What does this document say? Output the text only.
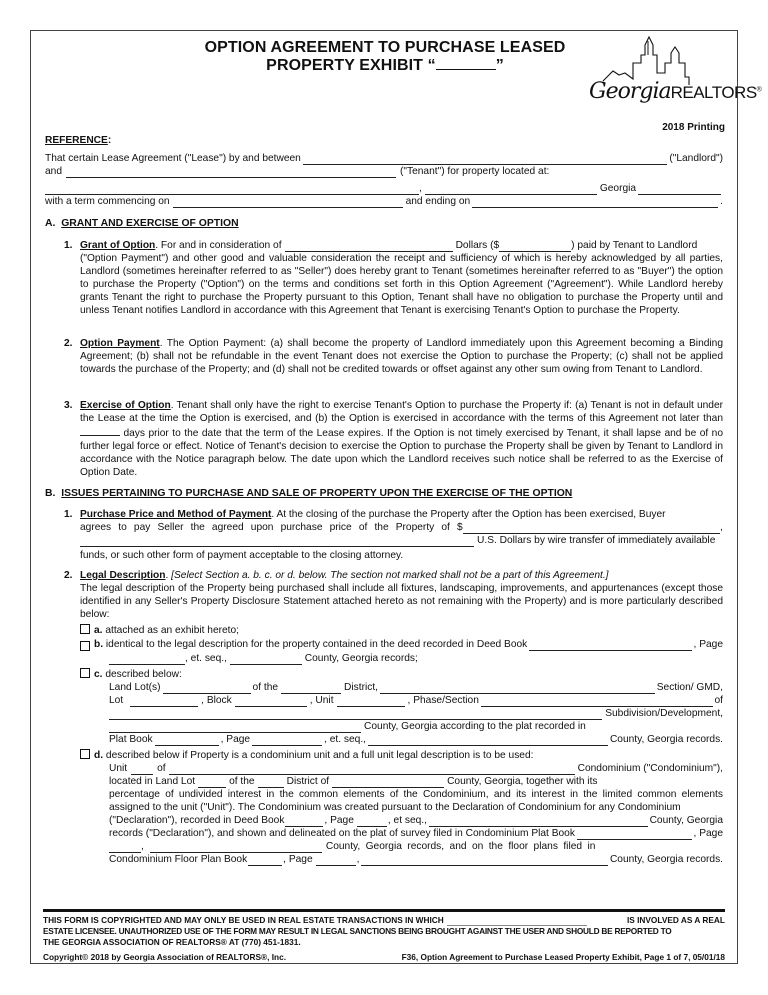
OPTION AGREEMENT TO PURCHASE LEASED
PROPERTY EXHIBIT “	”
GeorgiaREALTORS®
2018 Printing
REFERENCE:
That certain Lease Agreement ("Lease") by and between	("Landlord")
and	("Tenant") for property located at:
,	Georgia
with a term commencing on	and ending on	.
A. GRANT AND EXERCISE OF OPTION
1. Grant of Option . For and in consideration of	Dollars ($	) paid by Tenant to Landlord
("Option Payment") and other good and valuable consideration the receipt and sufficiency of which is hereby acknowledged by all parties, Landlord (sometimes hereinafter referred to as "Seller") does hereby grant to Tenant (sometimes hereinafter referred to as "Buyer") the option to purchase the Property ("Option") on the terms and conditions set forth in this Option Agreement ("Agreement"). While Landlord hereby grants Tenant the right to purchase the Property pursuant to this Option, Tenant shall have no obligation to purchase the Property until and unless Tenant notifies Landlord in accordance with this Agreement that Tenant is exercising Tenant's Option to purchase the Property.
2. Option Payment. The Option Payment: (a) shall become the property of Landlord immediately upon this Agreement becoming a Binding Agreement; (b) shall not be refundable in the event Tenant does not exercise the Option to purchase the Property; (c) shall not be applied towards the purchase of the Property; and (d) shall not be credited towards or offset against any other sum owing from Tenant to Landlord.
3. Exercise of Option. Tenant shall only have the right to exercise Tenant's Option to purchase the Property if: (a) Tenant is not in default under the Lease at the time the Option is exercised, and (b) the Option is exercised in accordance with the terms of this Agreement not later than  days prior to the date that the term of the Lease expires. If the Option is not timely exercised by Tenant, it shall lapse and be of no further legal force or effect. Notice of Tenant's decision to exercise the Option to purchase the Property shall be given by Tenant to Landlord in accordance with the Notice paragraph below. The date upon which the Landlord receives such notice shall be referred to as the Exercise of Option Date.
B. ISSUES PERTAINING TO PURCHASE AND SALE OF PROPERTY UPON THE EXERCISE OF THE OPTION
1. Purchase Price and Method of Payment. At the closing of the purchase the Property after the Option has been exercised, Buyer
agrees to pay Seller the agreed upon purchase price of the Property of $	,
U.S. Dollars by wire transfer of immediately available
funds, or such other form of payment acceptable to the closing attorney.
2. Legal Description. [Select Section a. b. c. or d. below. The section not marked shall not be a part of this Agreement.]
The legal description of the Property being purchased shall include all fixtures, landscaping, improvements, and appurtenances (except those identified in any Seller's Property Disclosure Statement attached hereto as not remaining with the Property) and is more particularly described below:
a. attached as an exhibit hereto;
b.
identical to the legal description for the property contained in the deed recorded in Deed Book	, Page
, et. seq.,
	County, Georgia records;
c. described below:
Land Lot(s)	of the	District,	Section/ GMD,
Lot	, Block	, Unit	, Phase/Section	of
Subdivision/Development,
County, Georgia according to the plat recorded in
Plat Book	, Page	, et. seq.,	County, Georgia records.
d. described below if Property is a condominium unit and a full unit legal description is to be used:
Unit	of	Condominium ("Condominium"),
located in Land Lot	of the	District of	County, Georgia, together with its
percentage of undivided interest in the common elements of the Condominium, and its interest in the limited common elements assigned to the unit ("Unit"). The Condominium was created pursuant to the Declaration of Condominium for any Condominium
("Declaration"), recorded in Deed Book	, Page	, et seq.,	County, Georgia
records ("Declaration"), and shown and delineated on the plat of survey filed in Condominium Plat Book	, Page
,	County, Georgia records, and on the floor plans filed in
Condominium Floor Plan Book	, Page	,	County, Georgia records.
THIS FORM IS COPYRIGHTED AND MAY ONLY BE USED IN REAL ESTATE TRANSACTIONS IN WHICH	IS INVOLVED AS A REAL
ESTATE LICENSEE. UNAUTHORIZED USE OF THE FORM MAY RESULT IN LEGAL SANCTIONS BEING BROUGHT AGAINST THE USER AND SHOULD BE REPORTED TO
THE GEORGIA ASSOCIATION OF REALTORS® AT (770) 451-1831.
Copyright© 2018 by Georgia Association of REALTORS®, Inc.	F36, Option Agreement to Purchase Leased Property Exhibit, Page 1 of 7, 05/01/18
